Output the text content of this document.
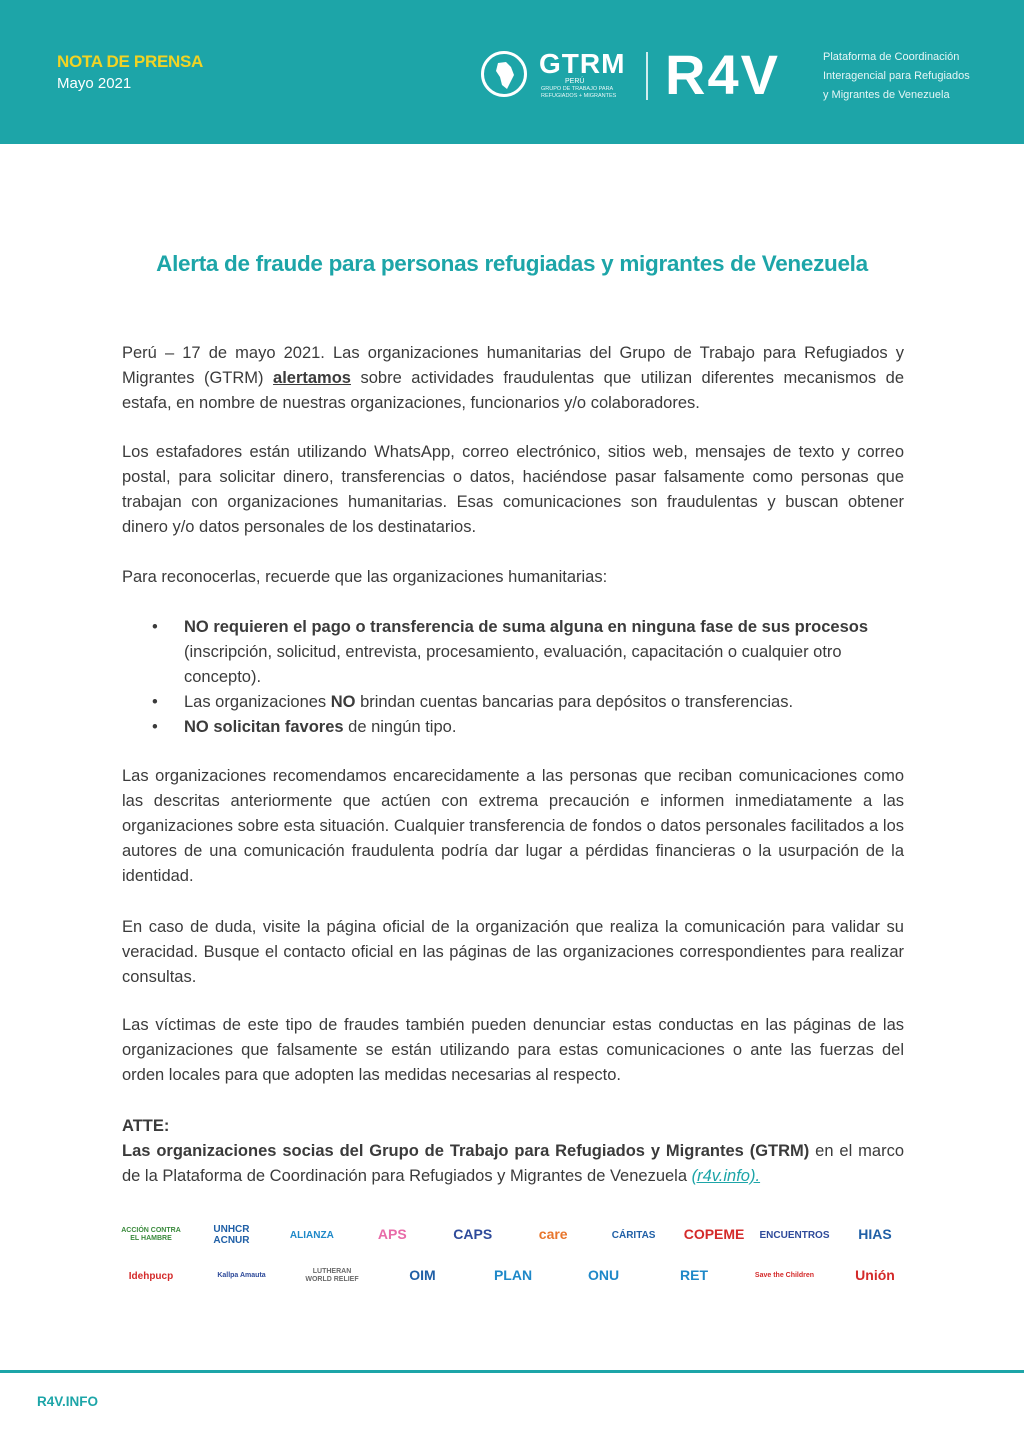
NOTA DE PRENSA
Mayo 2021
GTRM
PERÚ
GRUPO DE TRABAJO PARA REFUGIADOS + MIGRANTES R4V	Plataforma de Coordinación
Interagencial para Refugiados
y Migrantes de Venezuela
Alerta de fraude para personas refugiadas y migrantes de Venezuela
Perú – 17 de mayo 2021. Las organizaciones humanitarias del Grupo de Trabajo para Refugiados y Migrantes (GTRM) alertamos sobre actividades fraudulentas que utilizan diferentes mecanismos de estafa, en nombre de nuestras organizaciones, funcionarios y/o colaboradores.
Los estafadores están utilizando WhatsApp, correo electrónico, sitios web, mensajes de texto y correo postal, para solicitar dinero, transferencias o datos, haciéndose pasar falsamente como personas que trabajan con organizaciones humanitarias. Esas comunicaciones son fraudulentas y buscan obtener dinero y/o datos personales de los destinatarios.
Para reconocerlas, recuerde que las organizaciones humanitarias:
• NO requieren el pago o transferencia de suma alguna en ninguna fase de sus procesos (inscripción, solicitud, entrevista, procesamiento, evaluación, capacitación o cualquier otro concepto).
• Las organizaciones NO brindan cuentas bancarias para depósitos o transferencias.
• NO solicitan favores de ningún tipo.
Las organizaciones recomendamos encarecidamente a las personas que reciban comunicaciones como las descritas anteriormente que actúen con extrema precaución e informen inmediatamente a las organizaciones sobre esta situación. Cualquier transferencia de fondos o datos personales facilitados a los autores de una comunicación fraudulenta podría dar lugar a pérdidas financieras o la usurpación de la identidad.
En caso de duda, visite la página oficial de la organización que realiza la comunicación para validar su veracidad. Busque el contacto oficial en las páginas de las organizaciones correspondientes para realizar consultas.
Las víctimas de este tipo de fraudes también pueden denunciar estas conductas en las páginas de las organizaciones que falsamente se están utilizando para estas comunicaciones o ante las fuerzas del orden locales para que adopten las medidas necesarias al respecto.
ATTE:
Las organizaciones socias del Grupo de Trabajo para Refugiados y Migrantes (GTRM) en el marco de la Plataforma de Coordinación para Refugiados y Migrantes de Venezuela (r4v.info).
ACCIÓN CONTRA EL HAMBRE
UNHCR ACNUR	ALIANZA	APS	CAPS	care	CÁRITAS	COPEME ENCUENTROS	HIAS
Idehpucp	Kallpa Amauta
LUTHERAN WORLD RELIEF	OIM	PLAN	ONU	RET	Save the Children	Unión
R4V.INFO
